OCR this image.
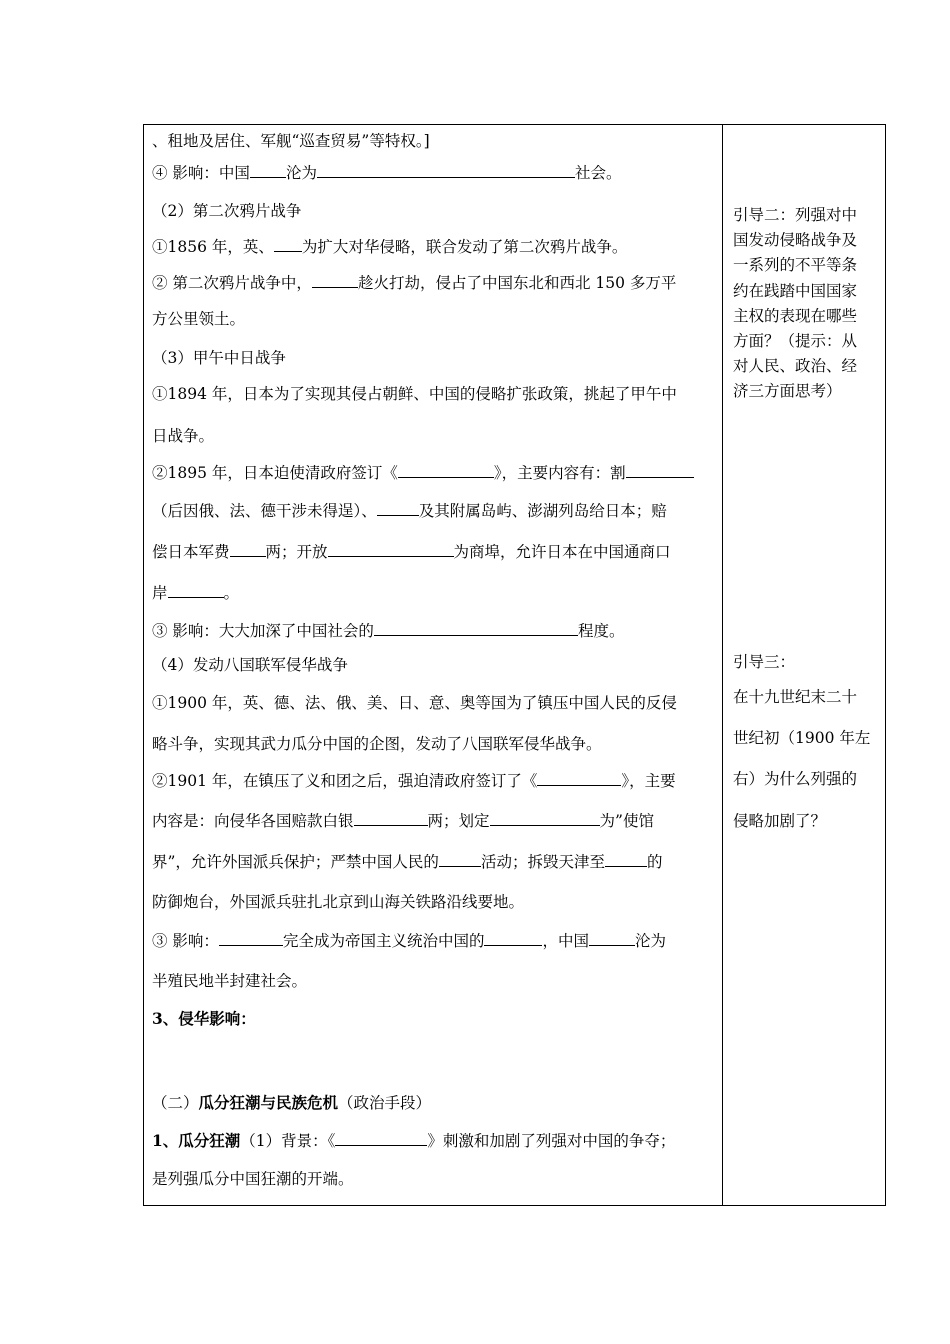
、租地及居住、军舰“巡查贸易”等特权。]
④ 影响：中国 沦为	社会。
（2）第二次鸦片战争
①1856 年，英、 为扩大对华侵略，联合发动了第二次鸦片战争。
② 第二次鸦片战争中，	趁火打劫，侵占了中国东北和西北 150 多万平
方公里领土。
（3）甲午中日战争
①1894 年，日本为了实现其侵占朝鲜、中国的侵略扩张政策，挑起了甲午中
日战争。
②1895 年，日本迫使清政府签订《	》，主要内容有：割
（后因俄、法、德干涉未得逞）、	及其附属岛屿、澎湖列岛给日本；赔
偿日本军费 两；开放	为商埠，允许日本在中国通商口
岸	。
③ 影响：大大加深了中国社会的	程度。
（4）发动八国联军侵华战争
①1900 年，英、德、法、俄、美、日、意、奥等国为了镇压中国人民的反侵
略斗争，实现其武力瓜分中国的企图，发动了八国联军侵华战争。
②1901 年，在镇压了义和团之后，强迫清政府签订了《	》，主要
内容是：向侵华各国赔款白银	两；划定	为”使馆
界”，允许外国派兵保护；严禁中国人民的	活动；拆毁天津至	的
防御炮台，外国派兵驻扎北京到山海关铁路沿线要地。
③ 影响：	完全成为帝国主义统治中国的	，中国	沦为
半殖民地半封建社会。
3、侵华影响：
（二）瓜分狂潮与民族危机（政治手段）
1、瓜分狂潮（1）背景：《	》刺激和加剧了列强对中国的争夺；
是列强瓜分中国狂潮的开端。
引导二：列强对中
国发动侵略战争及
一系列的不平等条
约在践踏中国国家
主权的表现在哪些
方面？（提示：从
对人民、政治、经
济三方面思考）
引导三：
在十九世纪末二十
世纪初（1900 年左
右）为什么列强的
侵略加剧了？
